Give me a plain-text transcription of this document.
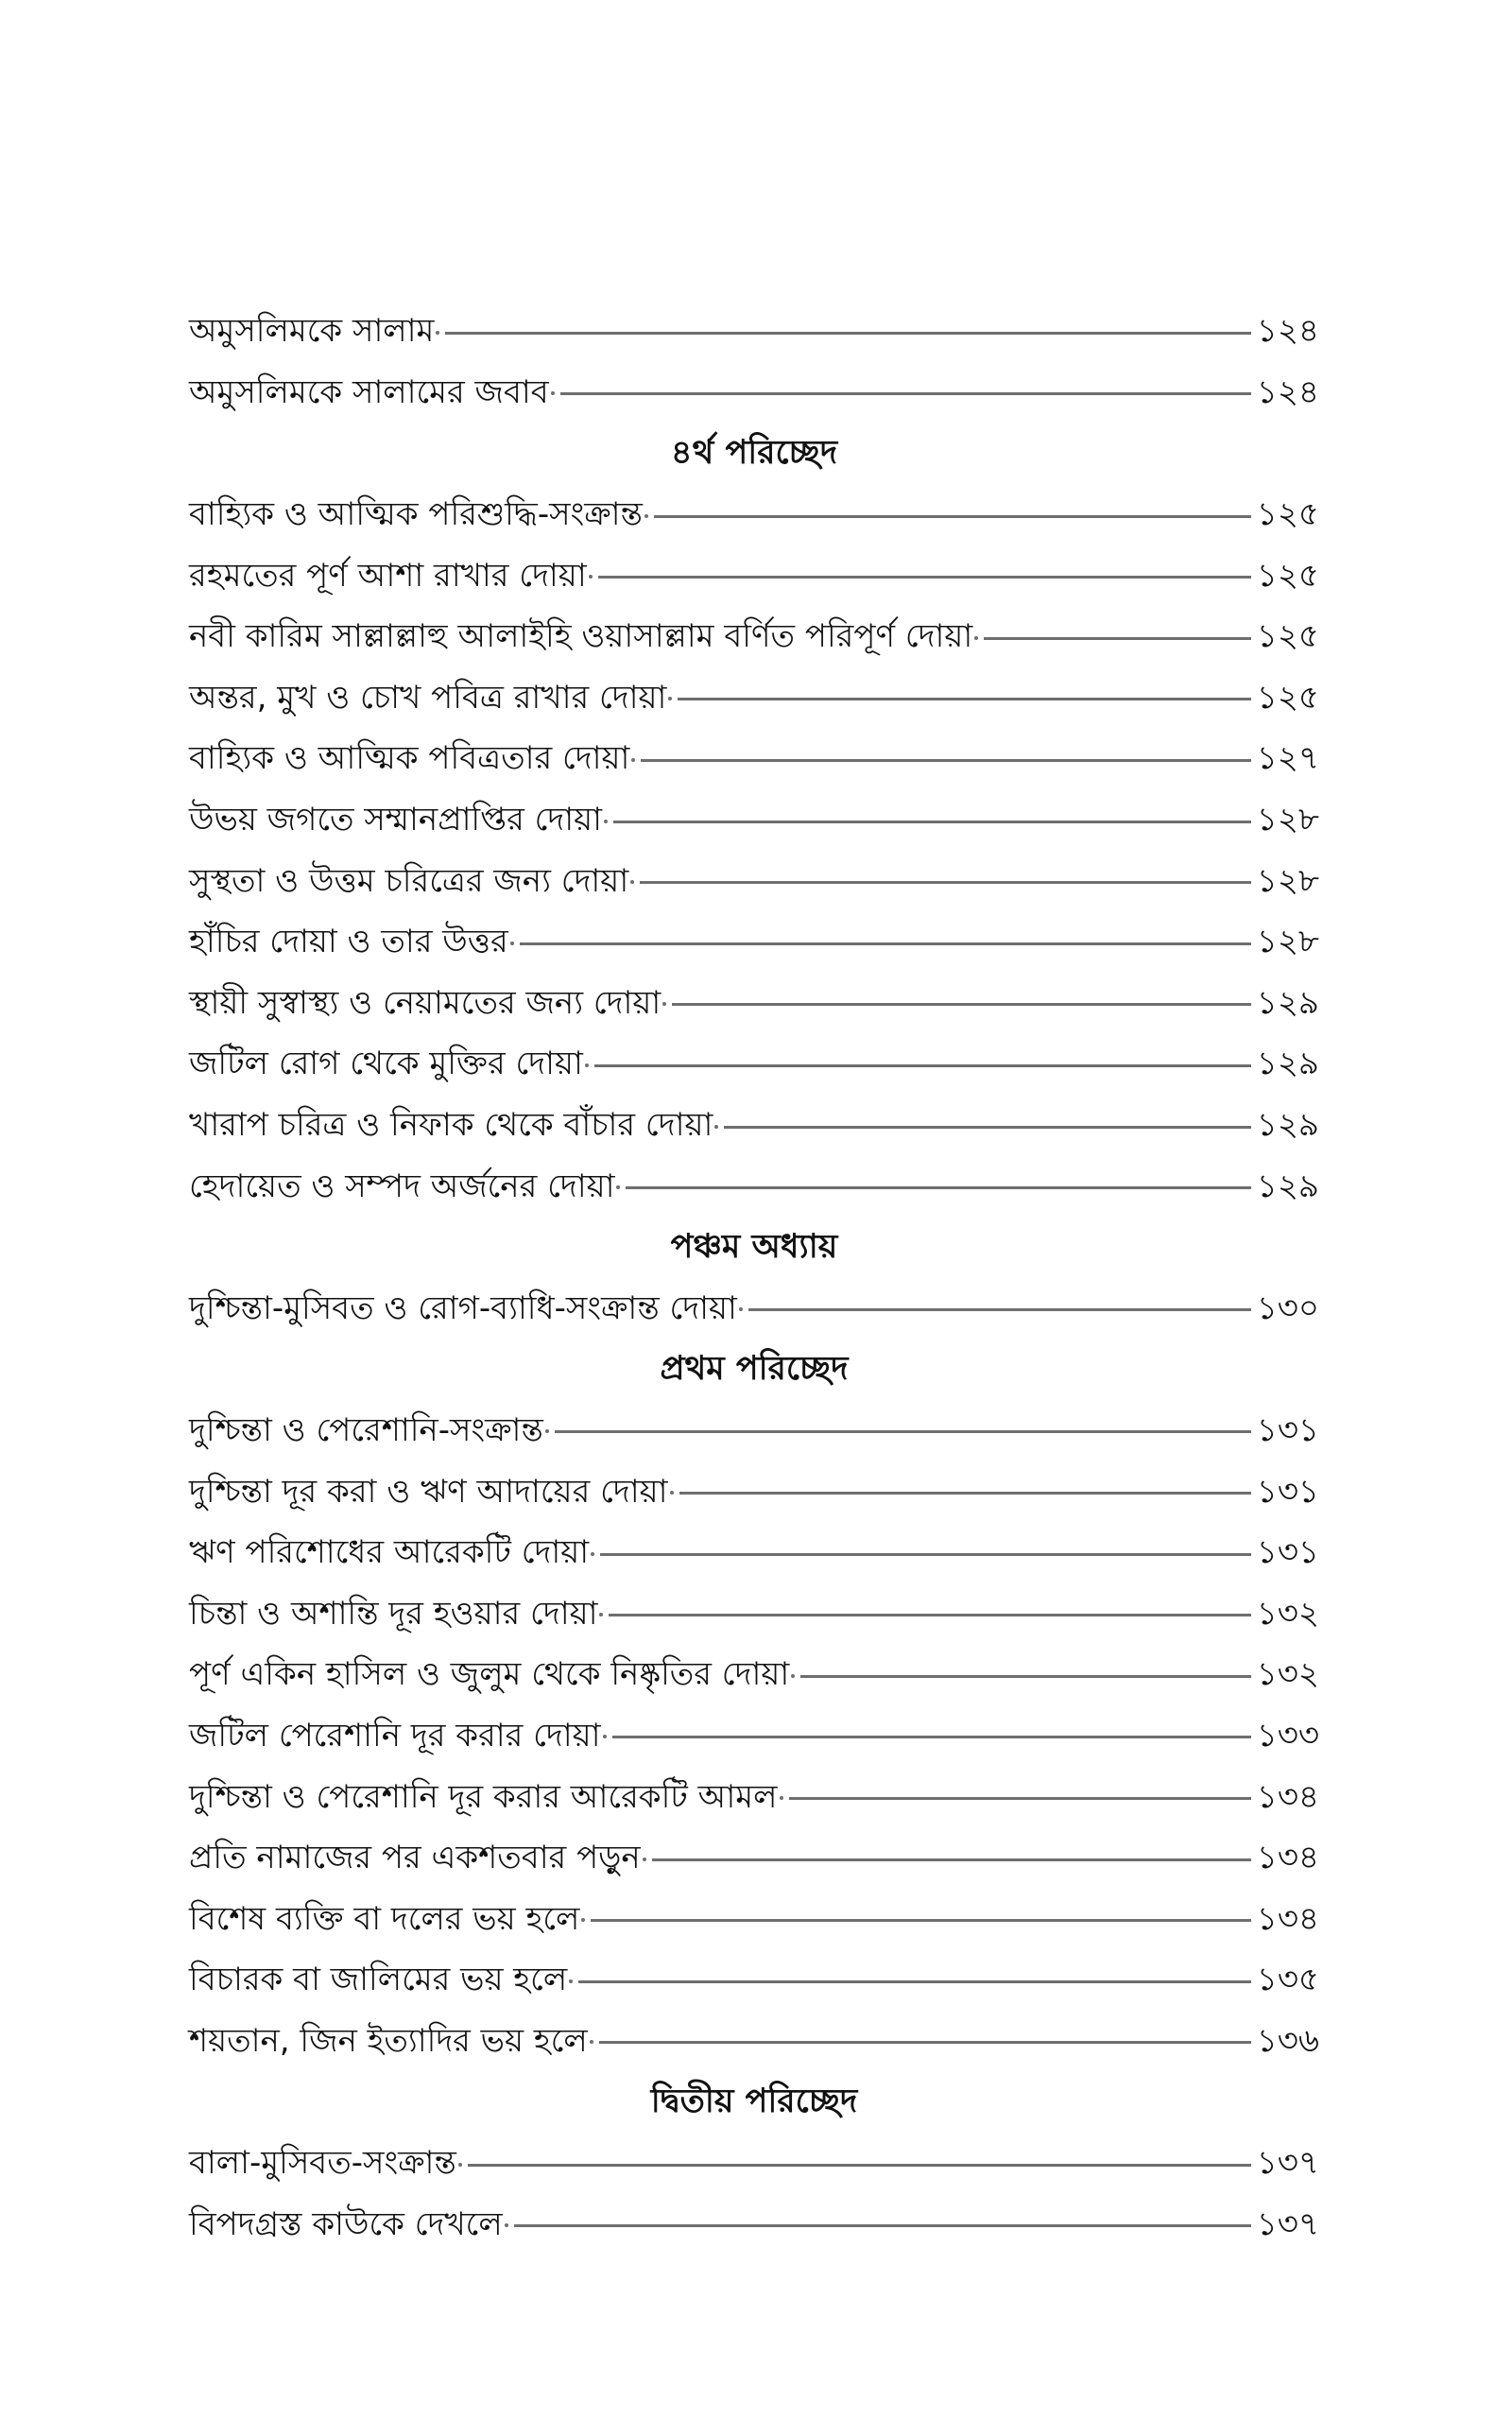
অমুসলিমকে সালাম	১২৪
অমুসলিমকে সালামের জবাব	১২৪
৪র্থ পরিচ্ছেদ
বাহ্যিক ও আত্মিক পরিশুদ্ধি-সংক্রান্ত	১২৫
রহমতের পূর্ণ আশা রাখার দোয়া	১২৫
নবী কারিম সাল্লাল্লাহু আলাইহি ওয়াসাল্লাম বর্ণিত পরিপূর্ণ দোয়া	১২৫
অন্তর, মুখ ও চোখ পবিত্র রাখার দোয়া	১২৫
বাহ্যিক ও আত্মিক পবিত্রতার দোয়া	১২৭
উভয় জগতে সম্মানপ্রাপ্তির দোয়া	১২৮
সুস্থতা ও উত্তম চরিত্রের জন্য দোয়া	১২৮
হাঁচির দোয়া ও তার উত্তর	১২৮
স্থায়ী সুস্বাস্থ্য ও নেয়ামতের জন্য দোয়া	১২৯
জটিল রোগ থেকে মুক্তির দোয়া	১২৯
খারাপ চরিত্র ও নিফাক থেকে বাঁচার দোয়া	১২৯
হেদায়েত ও সম্পদ অর্জনের দোয়া	১২৯
পঞ্চম অধ্যায়
দুশ্চিন্তা-মুসিবত ও রোগ-ব্যাধি-সংক্রান্ত দোয়া	১৩০
প্রথম পরিচ্ছেদ
দুশ্চিন্তা ও পেরেশানি-সংক্রান্ত	১৩১
দুশ্চিন্তা দূর করা ও ঋণ আদায়ের দোয়া	১৩১
ঋণ পরিশোধের আরেকটি দোয়া	১৩১
চিন্তা ও অশান্তি দূর হওয়ার দোয়া	১৩২
পূর্ণ একিন হাসিল ও জুলুম থেকে নিষ্কৃতির দোয়া	১৩২
জটিল পেরেশানি দূর করার দোয়া	১৩৩
দুশ্চিন্তা ও পেরেশানি দূর করার আরেকটি আমল	১৩৪
প্রতি নামাজের পর একশতবার পড়ুন	১৩৪
বিশেষ ব্যক্তি বা দলের ভয় হলে	১৩৪
বিচারক বা জালিমের ভয় হলে	১৩৫
শয়তান, জিন ইত্যাদির ভয় হলে	১৩৬
দ্বিতীয় পরিচ্ছেদ
বালা-মুসিবত-সংক্রান্ত	১৩৭
বিপদগ্রস্ত কাউকে দেখলে	১৩৭
